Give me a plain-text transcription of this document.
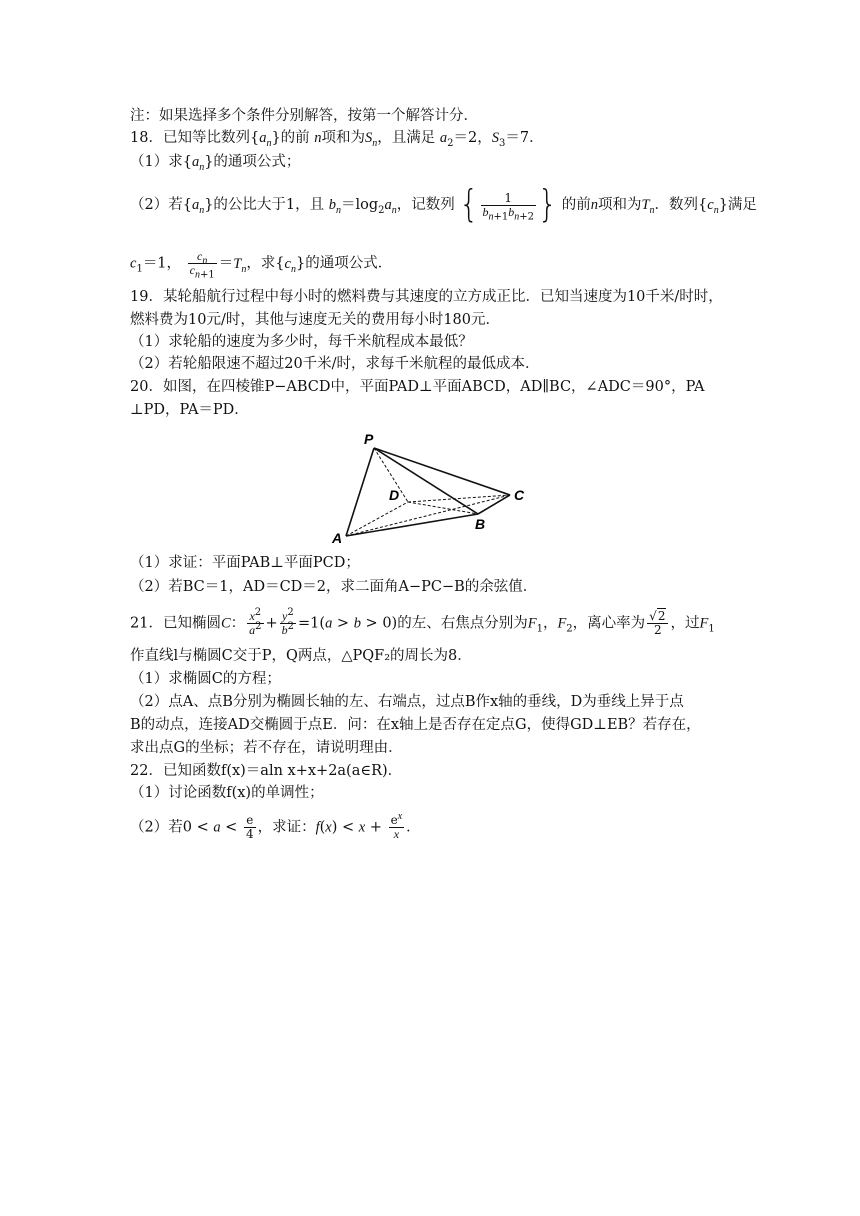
注：如果选择多个条件分别解答，按第一个解答计分．
18．已知等比数列$\{a_n\}$的前 n项和为$S_n$，且满足 $a_2=2$，$S_3=7$．
（1）求$\{a_n\}$的通项公式；
（2）若$\{a_n\}$的公比大于1，且 $b_n=\log_2a_n$，记数列 { $\frac{1}{b_{n+1}b_{n+2}}$ } 的前n项和为$T_n$．数列$\{c_n\}$满足
$c_1=1$， $\frac{c_n}{c_{n+1}} =T_n$，求$\{c_n\}$的通项公式．
19．某轮船航行过程中每小时的燃料费与其速度的立方成正比．已知当速度为10千米/时时，
燃料费为10元/时，其他与速度无关的费用每小时180元．
（1）求轮船的速度为多少时，每千米航程成本最低？
（2）若轮船限速不超过20千米/时，求每千米航程的最低成本．
20．如图，在四棱锥P−ABCD中，平面PAD⊥平面ABCD，AD∥BC，∠ADC＝90°，PA
⊥PD，PA＝PD．
P
A
B
C
D
（1）求证：平面PAB⊥平面PCD；
（2）若BC＝1，AD＝CD＝2，求二面角A−PC−B的余弦值．
21．已知椭圆C： $\frac{x^2}{a^2} + \frac{y^2}{b^2} =1(a > b > 0)$的左、右焦点分别为$F_1$，$F_2$，离心率为 $\frac{√2}{2}$ ，过$F_1$
作直线l与椭圆C交于P，Q两点，△PQF₂的周长为8．
（1）求椭圆C的方程；
（2）点A、点B分别为椭圆长轴的左、右端点，过点B作x轴的垂线，D为垂线上异于点
B的动点，连接AD交椭圆于点E．问：在x轴上是否存在定点G，使得GD⊥EB？若存在，
求出点G的坐标；若不存在，请说明理由．
22．已知函数f(x)＝aln x+x+2a(a∈R)．
（1）讨论函数f(x)的单调性；
（2）若$0 < a < \frac{e}{4}$ ，求证：$f(x) < x + \frac{e^x}{x}$ ．
